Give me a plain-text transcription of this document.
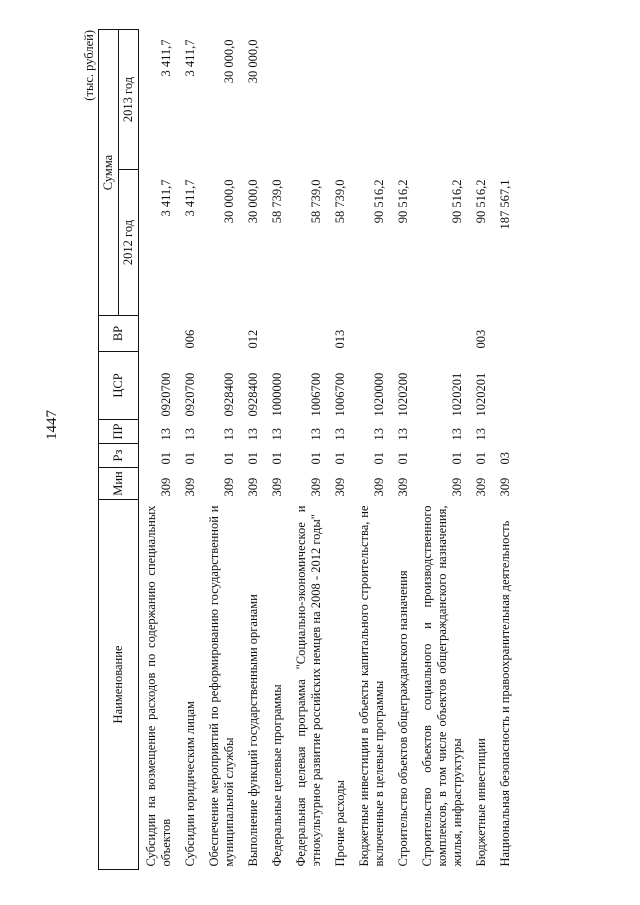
1447
(тыс. рублей)
Наименование	Мин	Рз	ПР	ЦСР	ВР	Сумма	
						2012 год	2013 год
Субсидии на возмещение расходов по содержанию специальных объектов	309	01	13	0920700		3 411,7	3 411,7
Субсидии юридическим лицам	309	01	13	0920700	006	3 411,7	3 411,7
Обеспечение мероприятий по реформированию государственной и муниципальной службы	309	01	13	0928400		30 000,0	30 000,0
Выполнение функций государственными органами	309	01	13	0928400	012	30 000,0	30 000,0
Федеральные целевые программы	309	01	13	1000000		58 739,0	
Федеральная целевая программа "Социально-экономическое и этнокультурное развитие российских немцев на 2008 - 2012 годы"	309	01	13	1006700		58 739,0	
Прочие расходы	309	01	13	1006700	013	58 739,0	
Бюджетные инвестиции в объекты капитального строительства, не включенные в целевые программы	309	01	13	1020000		90 516,2	
Строительство объектов общегражданского назначения	309	01	13	1020200		90 516,2	
Строительство объектов социального и производственного комплексов, в том числе объектов общегражданского назначения, жилья, инфраструктуры	309	01	13	1020201		90 516,2	
Бюджетные инвестиции	309	01	13	1020201	003	90 516,2	
Национальная безопасность и правоохранительная деятельность	309	03				187 567,1	
